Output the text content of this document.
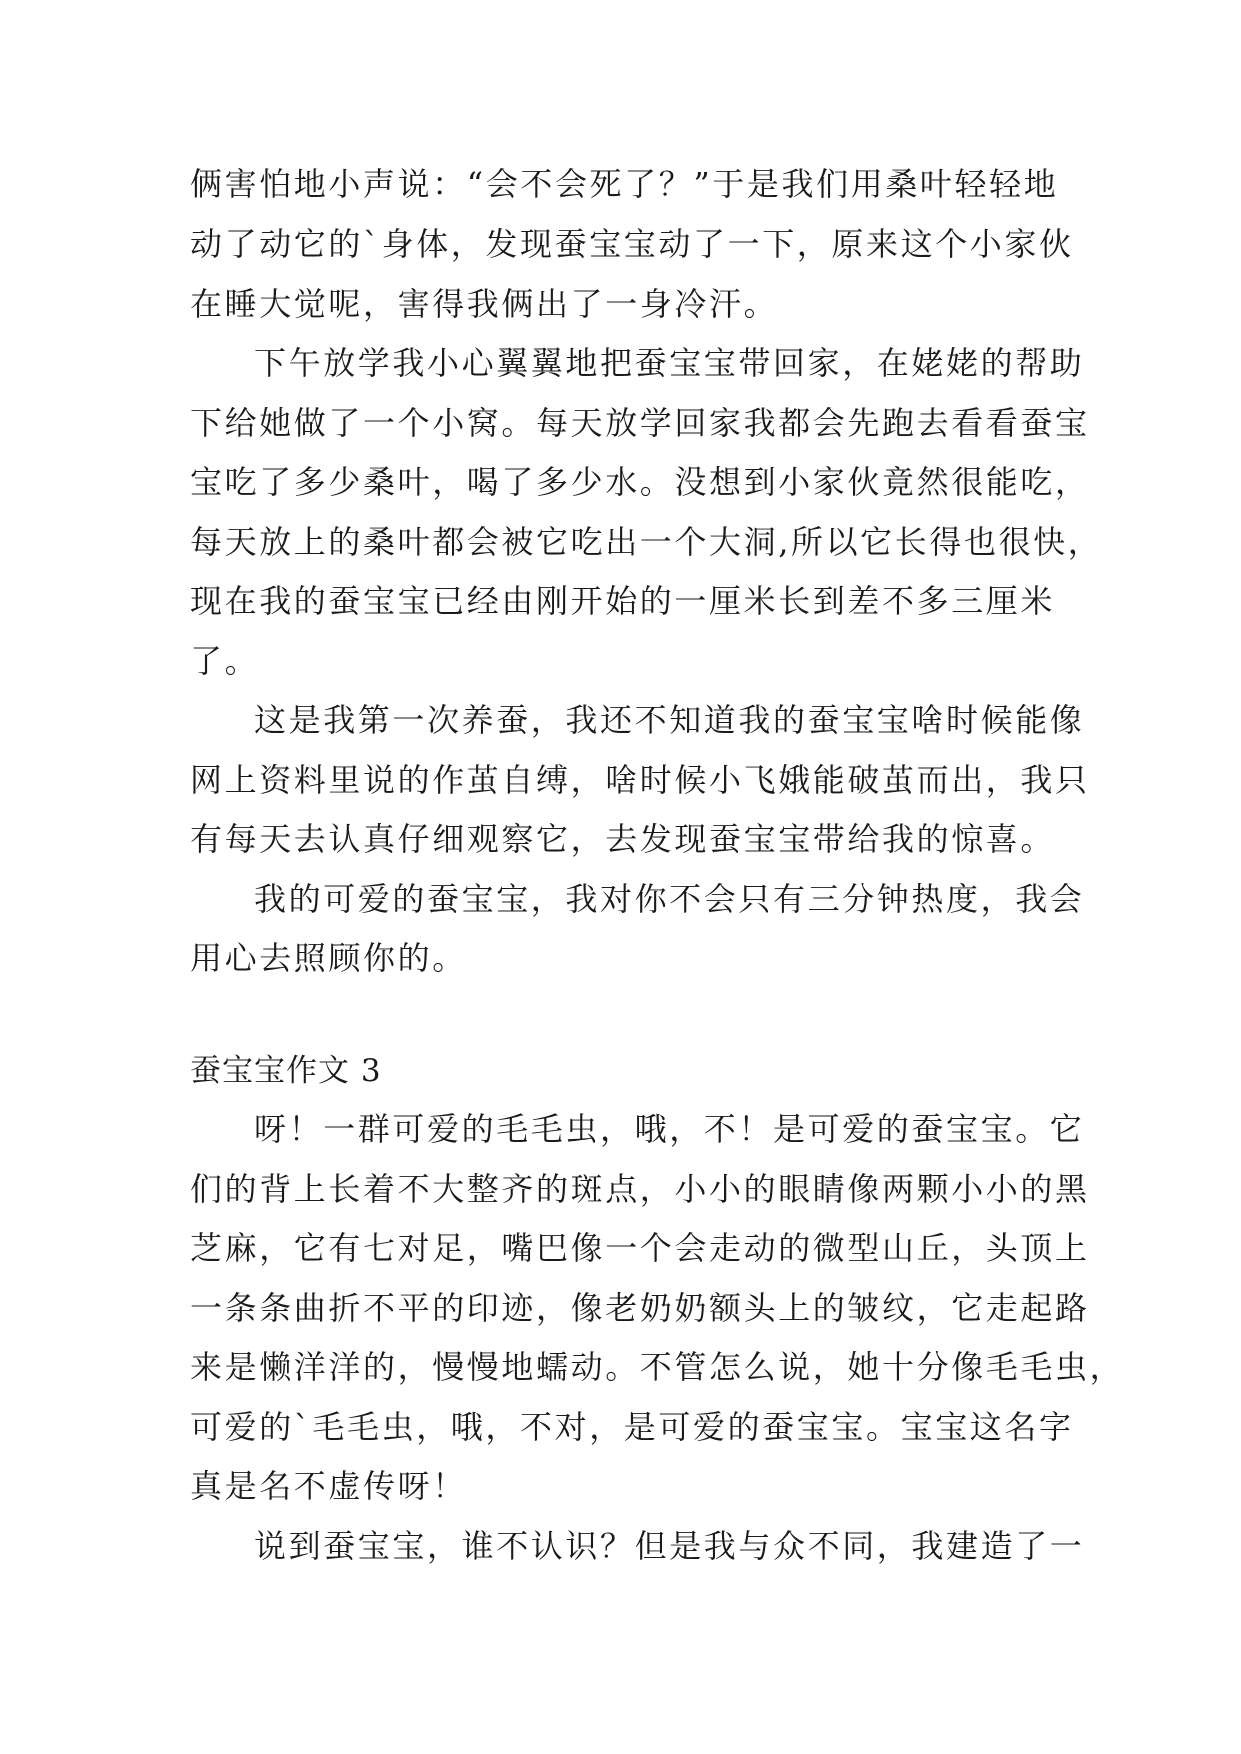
俩害怕地小声说：“会不会死了？”于是我们用桑叶轻轻地
动了动它的`身体，发现蚕宝宝动了一下，原来这个小家伙
在睡大觉呢，害得我俩出了一身冷汗。
下午放学我小心翼翼地把蚕宝宝带回家，在姥姥的帮助
下给她做了一个小窝。每天放学回家我都会先跑去看看蚕宝
宝吃了多少桑叶，喝了多少水。没想到小家伙竟然很能吃，
每天放上的桑叶都会被它吃出一个大洞,所以它长得也很快，
现在我的蚕宝宝已经由刚开始的一厘米长到差不多三厘米
了。
这是我第一次养蚕，我还不知道我的蚕宝宝啥时候能像
网上资料里说的作茧自缚，啥时候小飞娥能破茧而出，我只
有每天去认真仔细观察它，去发现蚕宝宝带给我的惊喜。
我的可爱的蚕宝宝，我对你不会只有三分钟热度，我会
用心去照顾你的。
蚕宝宝作文 3
呀！一群可爱的毛毛虫，哦，不！是可爱的蚕宝宝。它
们的背上长着不大整齐的斑点，小小的眼睛像两颗小小的黑
芝麻，它有七对足，嘴巴像一个会走动的微型山丘，头顶上
一条条曲折不平的印迹，像老奶奶额头上的皱纹，它走起路
来是懒洋洋的，慢慢地蠕动。不管怎么说，她十分像毛毛虫，
可爱的`毛毛虫，哦，不对，是可爱的蚕宝宝。宝宝这名字
真是名不虚传呀！
说到蚕宝宝，谁不认识？但是我与众不同，我建造了一
